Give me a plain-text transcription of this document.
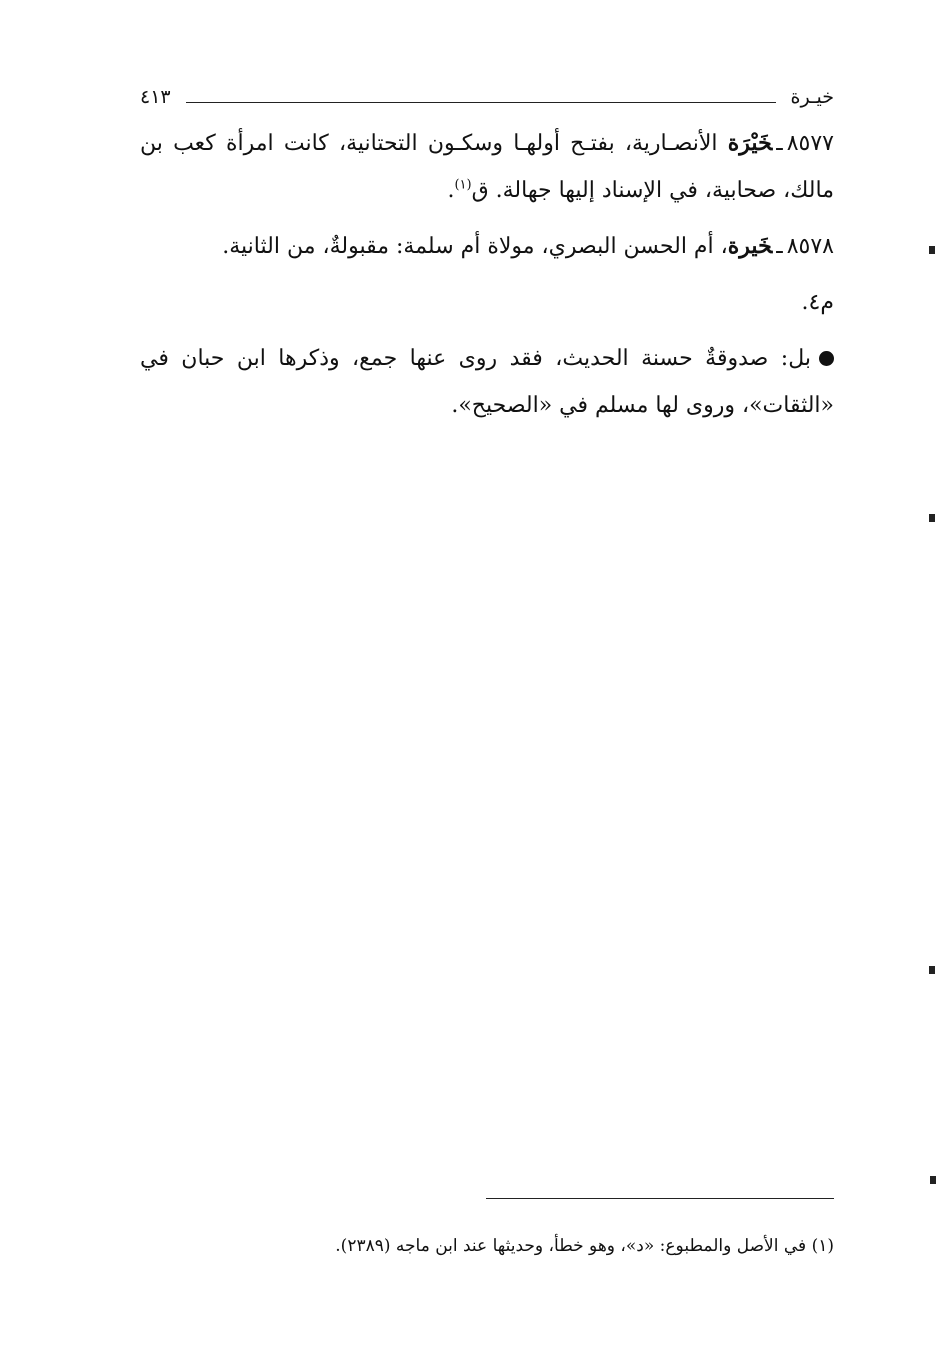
خيـرة
٤١٣

٨٥٧٧ـخَيْرَة الأنصـارية، بفتـح أولهـا وسكـون التحتانية، كانت امرأة كعب بن مالك، صحابية، في الإسناد إليها جهالة. ق$^{(١)}$.

٨٥٧٨ـخَيرة، أم الحسن البصري، مولاة أم سلمة: مقبولةٌ، من الثانية.

م٤.

بل: صدوقةٌ حسنة الحديث، فقد روى عنها جمع، وذكرها ابن حبان في «الثقات»، وروى لها مسلم في «الصحيح».

(١) في الأصل والمطبوع: «د»، وهو خطأ، وحديثها عند ابن ماجه (٢٣٨٩).
